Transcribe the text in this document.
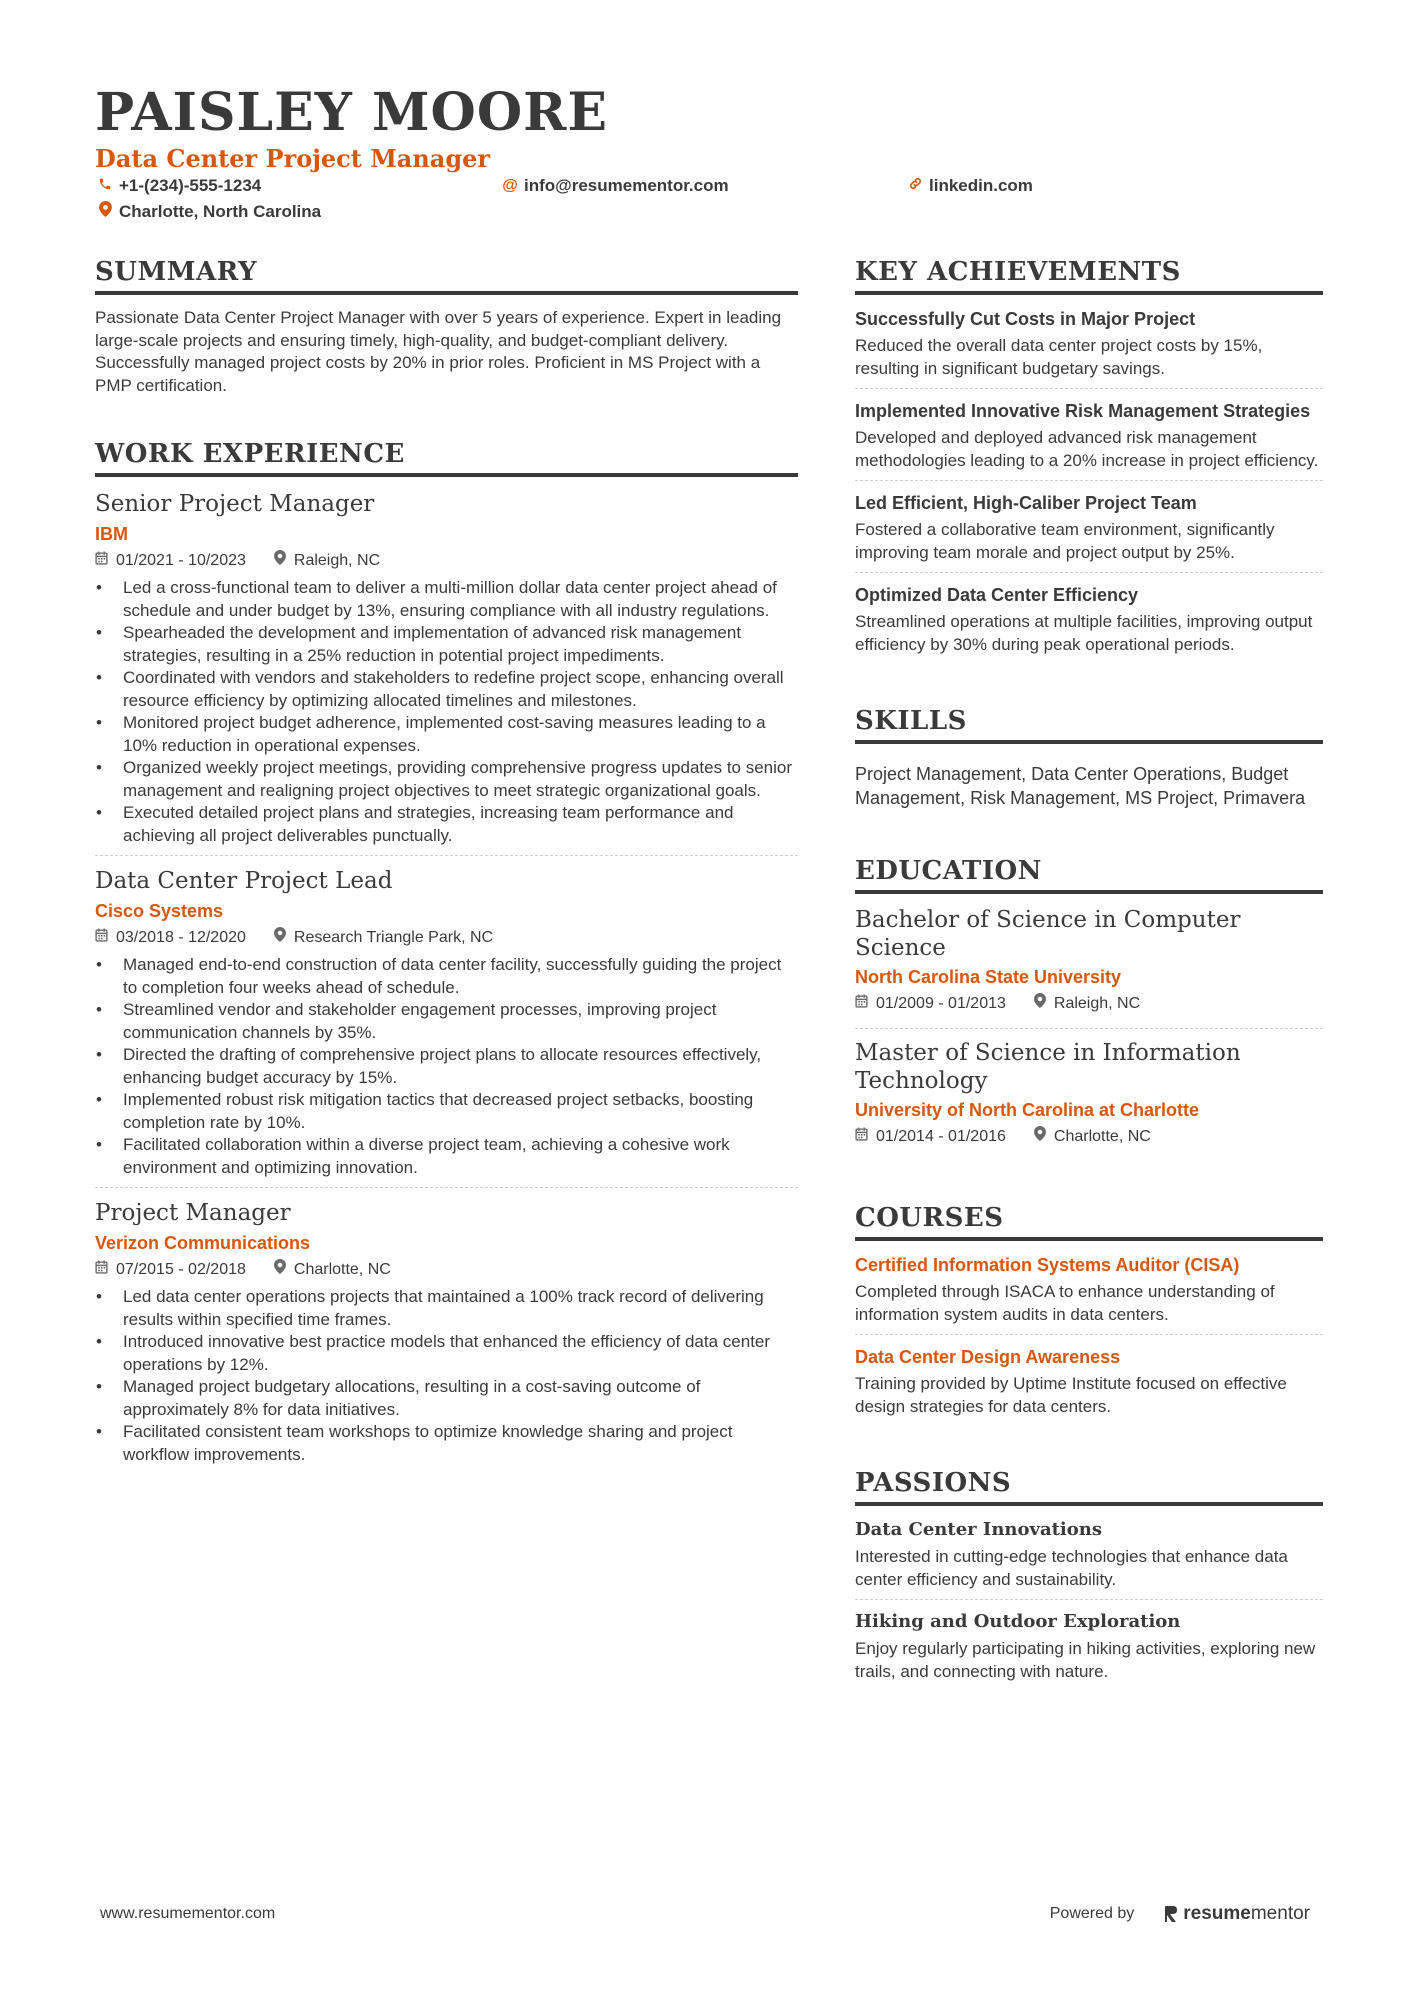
PAISLEY MOORE
Data Center Project Manager
+1-(234)-555-1234	@ info@resumementor.com	linkedin.com
Charlotte, North Carolina
SUMMARY
Passionate Data Center Project Manager with over 5 years of experience. Expert in leading large-scale projects and ensuring timely, high-quality, and budget-compliant delivery. Successfully managed project costs by 20% in prior roles. Proficient in MS Project with a PMP certification.
WORK EXPERIENCE
Senior Project Manager
IBM
01/2021 - 10/2023	Raleigh, NC
• Led a cross-functional team to deliver a multi-million dollar data center project ahead of schedule and under budget by 13%, ensuring compliance with all industry regulations.
• Spearheaded the development and implementation of advanced risk management strategies, resulting in a 25% reduction in potential project impediments.
• Coordinated with vendors and stakeholders to redefine project scope, enhancing overall resource efficiency by optimizing allocated timelines and milestones.
• Monitored project budget adherence, implemented cost-saving measures leading to a 10% reduction in operational expenses.
• Organized weekly project meetings, providing comprehensive progress updates to senior management and realigning project objectives to meet strategic organizational goals.
• Executed detailed project plans and strategies, increasing team performance and achieving all project deliverables punctually.
Data Center Project Lead
Cisco Systems
03/2018 - 12/2020	Research Triangle Park, NC
• Managed end-to-end construction of data center facility, successfully guiding the project to completion four weeks ahead of schedule.
• Streamlined vendor and stakeholder engagement processes, improving project communication channels by 35%.
• Directed the drafting of comprehensive project plans to allocate resources effectively, enhancing budget accuracy by 15%.
• Implemented robust risk mitigation tactics that decreased project setbacks, boosting completion rate by 10%.
• Facilitated collaboration within a diverse project team, achieving a cohesive work environment and optimizing innovation.
Project Manager
Verizon Communications
07/2015 - 02/2018	Charlotte, NC
• Led data center operations projects that maintained a 100% track record of delivering results within specified time frames.
• Introduced innovative best practice models that enhanced the efficiency of data center operations by 12%.
• Managed project budgetary allocations, resulting in a cost-saving outcome of approximately 8% for data initiatives.
• Facilitated consistent team workshops to optimize knowledge sharing and project workflow improvements.
KEY ACHIEVEMENTS
Successfully Cut Costs in Major Project
Reduced the overall data center project costs by 15%, resulting in significant budgetary savings.
Implemented Innovative Risk Management Strategies
Developed and deployed advanced risk management methodologies leading to a 20% increase in project efficiency.
Led Efficient, High-Caliber Project Team
Fostered a collaborative team environment, significantly improving team morale and project output by 25%.
Optimized Data Center Efficiency
Streamlined operations at multiple facilities, improving output efficiency by 30% during peak operational periods.
SKILLS
Project Management, Data Center Operations, Budget Management, Risk Management, MS Project, Primavera
EDUCATION
Bachelor of Science in Computer Science
North Carolina State University
01/2009 - 01/2013	Raleigh, NC
Master of Science in Information Technology
University of North Carolina at Charlotte
01/2014 - 01/2016	Charlotte, NC
COURSES
Certified Information Systems Auditor (CISA)
Completed through ISACA to enhance understanding of information system audits in data centers.
Data Center Design Awareness
Training provided by Uptime Institute focused on effective design strategies for data centers.
PASSIONS
Data Center Innovations
Interested in cutting-edge technologies that enhance data center efficiency and sustainability.
Hiking and Outdoor Exploration
Enjoy regularly participating in hiking activities, exploring new trails, and connecting with nature.
www.resumementor.com	Powered by	resume mentor
